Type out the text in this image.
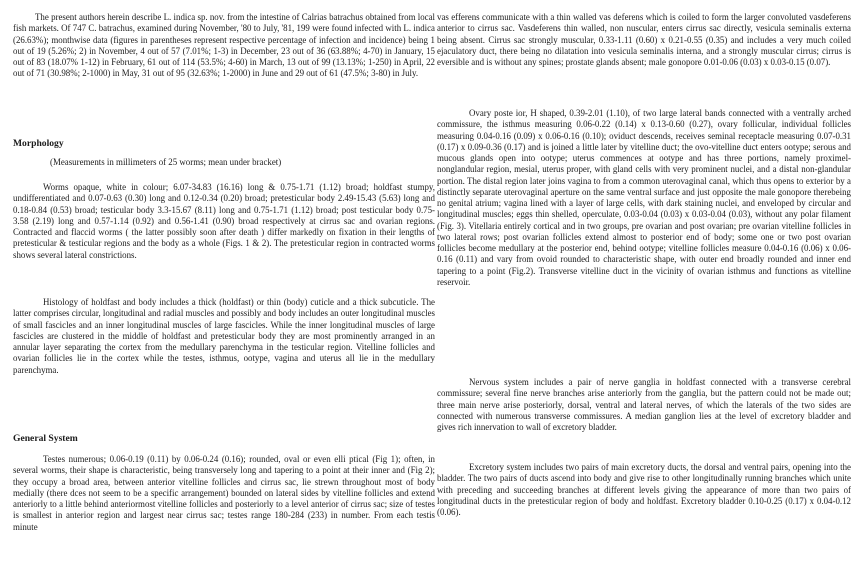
The present authors herein describe L. indica sp. nov. from the intestine of Calrias batrachus obtained from local fish markets. Of 747 C. batrachus, examined during November, '80 to July, '81, 199 were found infected with L. indica (26.63%); monthwise data (figures in parentheses represent respective percentage of infection and incidence) being 1 out of 19 (5.26%; 2) in November, 4 out of 57 (7.01%; 1-3) in December, 23 out of 36 (63.88%; 4-70) in January, 15 out of 83 (18.07% 1-12) in February, 61 out of 114 (53.5%; 4-60) in March, 13 out of 99 (13.13%; 1-250) in April, 22 out of 71 (30.98%; 2-1000) in May, 31 out of 95 (32.63%; 1-2000) in June and 29 out of 61 (47.5%; 3-80) in July.

Morphology

(Measurements in millimeters of 25 worms; mean under bracket)

Worms opaque, white in colour; 6.07-34.83 (16.16) long & 0.75-1.71 (1.12) broad; holdfast stumpy, undifferentiated and 0.07-0.63 (0.30) long and 0.12-0.34 (0.20) broad; pretesticular body 2.49-15.43 (5.63) long and 0.18-0.84 (0.53) broad; testicular body 3.3-15.67 (8.11) long and 0.75-1.71 (1.12) broad; post testicular body 0.75-3.58 (2.19) long and 0.57-1.14 (0.92) and 0.56-1.41 (0.90) broad respectively at cirrus sac and ovarian regions. Contracted and flaccid worms ( the latter possibly soon after death ) differ markedly on fixation in their lengths of pretesticular & testicular regions and the body as a whole (Figs. 1 & 2). The pretesticular region in contracted worms shows several lateral constrictions.

Histology of holdfast and body includes a thick (holdfast) or thin (body) cuticle and a thick subcuticle. The latter comprises circular, longitudinal and radial muscles and possibly and body includes an outer longitudinal muscles of small fascicles and an inner longitudinal muscles of large fascicles. While the inner longitudinal muscles of large fascicles are clustered in the middle of holdfast and pretesticular body they are most prominently arranged in an annular layer separating the cortex from the medullary parenchyma in the testicular region. Vitelline follicles and ovarian follicles lie in the cortex while the testes, isthmus, ootype, vagina and uterus all lie in the medullary parenchyma.

General System

Testes numerous; 0.06-0.19 (0.11) by 0.06-0.24 (0.16); rounded, oval or even elli ptical (Fig 1); often, in several worms, their shape is characteristic, being transversely long and tapering to a point at their inner and (Fig 2); they occupy a broad area, between anterior vitelline follicles and cirrus sac, lie strewn throughout most of body medially (there dces not seem to be a specific arrangement) bounded on lateral sides by vitelline follicles and extend anteriorly to a little behind anteriormost vitelline follicles and posteriorly to a level anterior of cirrus sac; size of testes is smallest in anterior region and largest near cirrus sac; testes range 180-284 (233) in number. From each testis minute

vas efferens communicate with a thin walled vas deferens which is coiled to form the larger convoluted vasdeferens anterior to cirrus sac. Vasdeferens thin walled, non nuscular, enters cirrus sac directly, vesicula seminalis externa being absent. Cirrus sac strongly muscular, 0.33-1.11 (0.60) x 0.21-0.55 (0.35) and includes a very much coiled ejaculatory duct, there being no dilatation into vesicula seminalis interna, and a strongly muscular cirrus; cirrus is eversible and is without any spines; prostate glands absent; male gonopore 0.01-0.06 (0.03) x 0.03-0.15 (0.07).

Ovary poste ior, H shaped, 0.39-2.01 (1.10), of two large lateral bands connected with a ventrally arched commissure, the isthmus measuring 0.06-0.22 (0.14) x 0.13-0.60 (0.27), ovary follicular, individual follicles measuring 0.04-0.16 (0.09) x 0.06-0.16 (0.10); oviduct descends, receives seminal receptacle measuring 0.07-0.31 (0.17) x 0.09-0.36 (0.17) and is joined a little later by vitelline duct; the ovo-vitelline duct enters ootype; serous and mucous glands open into ootype; uterus commences at ootype and has three portions, namely proximel-nonglandular region, mesial, uterus proper, with gland cells with very prominent nuclei, and a distal non-glandular portion. The distal region later joins vagina to from a common uterovaginal canal, which thus opens to exterior by a distinctly separate uterovaginal aperture on the same ventral surface and just opposite the male gonopore therebeing no genital atrium; vagina lined with a layer of large cells, with dark staining nuclei, and enveloped by circular and longitudinal muscles; eggs thin shelled, operculate, 0.03-0.04 (0.03) x 0.03-0.04 (0.03), without any polar filament (Fig. 3). Vitellaria entirely cortical and in two groups, pre ovarian and post ovarian; pre ovarian vitelline follicles in two lateral rows; post ovarian follicles extend almost to posterior end of body; some one or two post ovarian follicles become medullary at the posterior end, behind ootype; vitelline follicles measure 0.04-0.16 (0.06) x 0.06-0.16 (0.11) and vary from ovoid rounded to characteristic shape, with outer end broadly rounded and inner end tapering to a point (Fig.2). Transverse vitelline duct in the vicinity of ovarian isthmus and functions as vitelline reservoir.

Nervous system includes a pair of nerve ganglia in holdfast connected with a transverse cerebral commissure; several fine nerve branches arise anteriorly from the ganglia, but the pattern could not be made out; three main nerve arise posteriorly, dorsal, ventral and lateral nerves, of which the laterals of the two sides are connected with numerous transverse commissures. A median ganglion lies at the level of excretory bladder and gives rich innervation to wall of excretory bladder.

Excretory system includes two pairs of main excretory ducts, the dorsal and ventral pairs, opening into the bladder. The two pairs of ducts ascend into body and give rise to other longitudinally running branches which unite with preceding and succeeding branches at different levels giving the appearance of more than two pairs of longitudinal ducts in the pretesticular region of body and holdfast. Excretory bladder 0.10-0.25 (0.17) x 0.04-0.12 (0.06).
